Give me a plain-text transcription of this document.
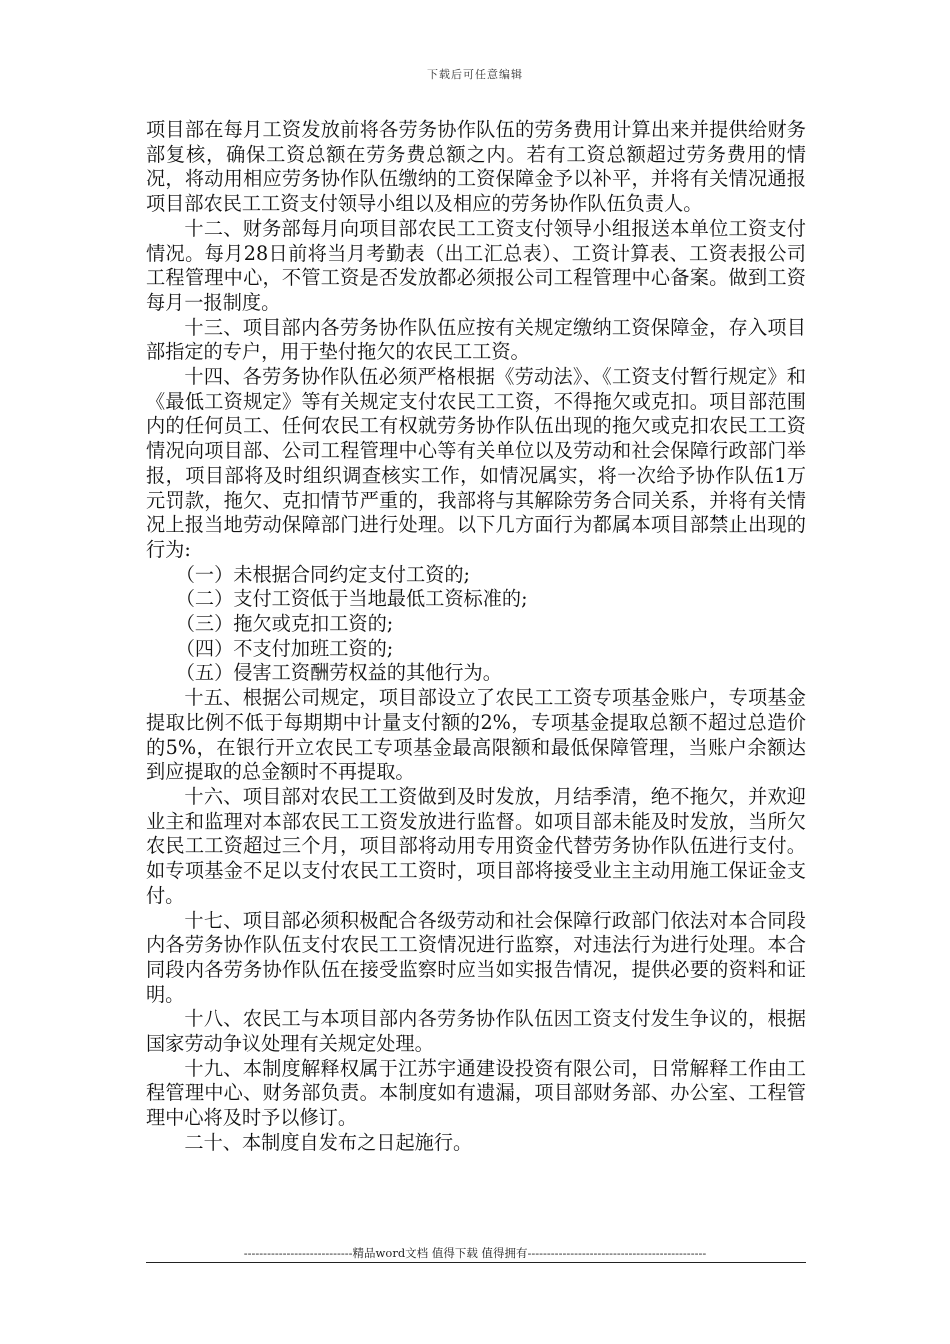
下载后可任意编辑

项目部在每月工资发放前将各劳务协作队伍的劳务费用计算出来并提供给财务部复核，确保工资总额在劳务费总额之内。若有工资总额超过劳务费用的情况，将动用相应劳务协作队伍缴纳的工资保障金予以补平，并将有关情况通报项目部农民工工资支付领导小组以及相应的劳务协作队伍负责人。

十二、财务部每月向项目部农民工工资支付领导小组报送本单位工资支付情况。每月28日前将当月考勤表（出工汇总表）、工资计算表、工资表报公司工程管理中心，不管工资是否发放都必须报公司工程管理中心备案。做到工资每月一报制度。

十三、项目部内各劳务协作队伍应按有关规定缴纳工资保障金，存入项目部指定的专户，用于垫付拖欠的农民工工资。

十四、各劳务协作队伍必须严格根据《劳动法》、《工资支付暂行规定》和《最低工资规定》等有关规定支付农民工工资，不得拖欠或克扣。项目部范围内的任何员工、任何农民工有权就劳务协作队伍出现的拖欠或克扣农民工工资情况向项目部、公司工程管理中心等有关单位以及劳动和社会保障行政部门举报，项目部将及时组织调查核实工作，如情况属实，将一次给予协作队伍1万元罚款，拖欠、克扣情节严重的，我部将与其解除劳务合同关系，并将有关情况上报当地劳动保障部门进行处理。以下几方面行为都属本项目部禁止出现的行为:

（一）未根据合同约定支付工资的;

（二）支付工资低于当地最低工资标准的;

（三）拖欠或克扣工资的;

（四）不支付加班工资的;

（五）侵害工资酬劳权益的其他行为。

十五、根据公司规定，项目部设立了农民工工资专项基金账户，专项基金提取比例不低于每期期中计量支付额的2%，专项基金提取总额不超过总造价的5%，在银行开立农民工专项基金最高限额和最低保障管理，当账户余额达到应提取的总金额时不再提取。

十六、项目部对农民工工资做到及时发放，月结季清，绝不拖欠，并欢迎业主和监理对本部农民工工资发放进行监督。如项目部未能及时发放，当所欠农民工工资超过三个月，项目部将动用专用资金代替劳务协作队伍进行支付。如专项基金不足以支付农民工工资时，项目部将接受业主主动用施工保证金支付。

十七、项目部必须积极配合各级劳动和社会保障行政部门依法对本合同段内各劳务协作队伍支付农民工工资情况进行监察，对违法行为进行处理。本合同段内各劳务协作队伍在接受监察时应当如实报告情况，提供必要的资料和证明。

十八、农民工与本项目部内各劳务协作队伍因工资支付发生争议的，根据国家劳动争议处理有关规定处理。

十九、本制度解释权属于江苏宇通建设投资有限公司，日常解释工作由工程管理中心、财务部负责。本制度如有遗漏，项目部财务部、办公室、工程管理中心将及时予以修订。

二十、本制度自发布之日起施行。

----------------------------精品word文档 值得下载 值得拥有----------------------------------------------
